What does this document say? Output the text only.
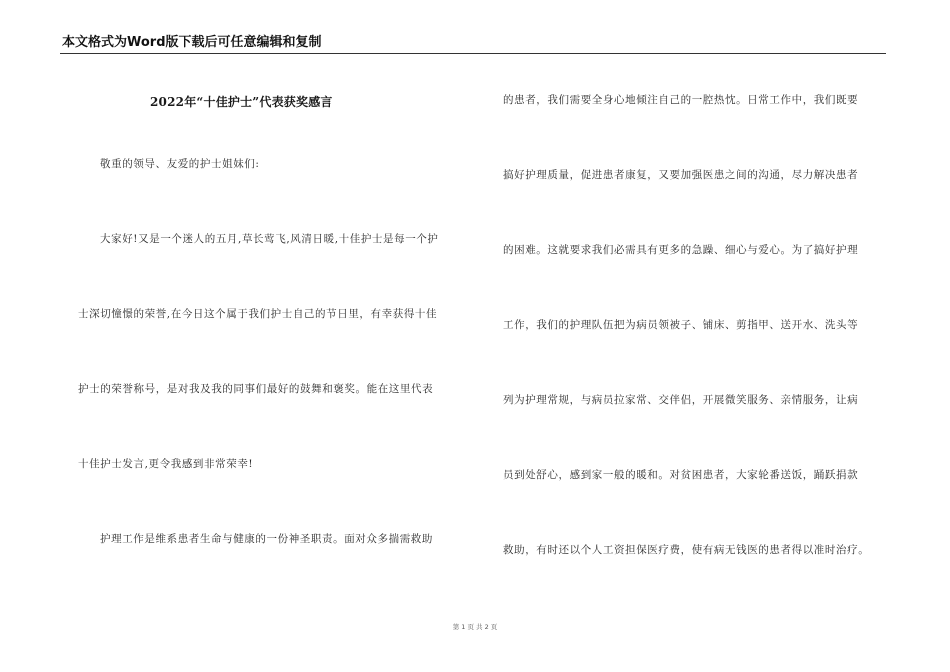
本文格式为Word版下载后可任意编辑和复制
2022年“十佳护士”代表获奖感言
敬重的领导、友爱的护士姐妹们:
大家好!又是一个迷人的五月,草长莺飞,风清日暖,十佳护士是每一个护
士深切憧憬的荣誉,在今日这个属于我们护士自己的节日里，有幸获得十佳
护士的荣誉称号，是对我及我的同事们最好的鼓舞和褒奖。能在这里代表
十佳护士发言,更令我感到非常荣幸!
护理工作是维系患者生命与健康的一份神圣职责。面对众多揣需救助
的患者，我们需要全身心地倾注自己的一腔热忱。日常工作中，我们既要
搞好护理质量，促进患者康复，又要加强医患之间的沟通，尽力解决患者
的困难。这就要求我们必需具有更多的急躁、细心与爱心。为了搞好护理
工作，我们的护理队伍把为病员领被子、铺床、剪指甲、送开水、洗头等
列为护理常规，与病员拉家常、交伴侣，开展微笑服务、亲情服务，让病
员到处舒心，感到家一般的暖和。对贫困患者，大家轮番送饭，踊跃捐款
救助，有时还以个人工资担保医疗费，使有病无钱医的患者得以准时治疗。
第 1 页 共 2 页
